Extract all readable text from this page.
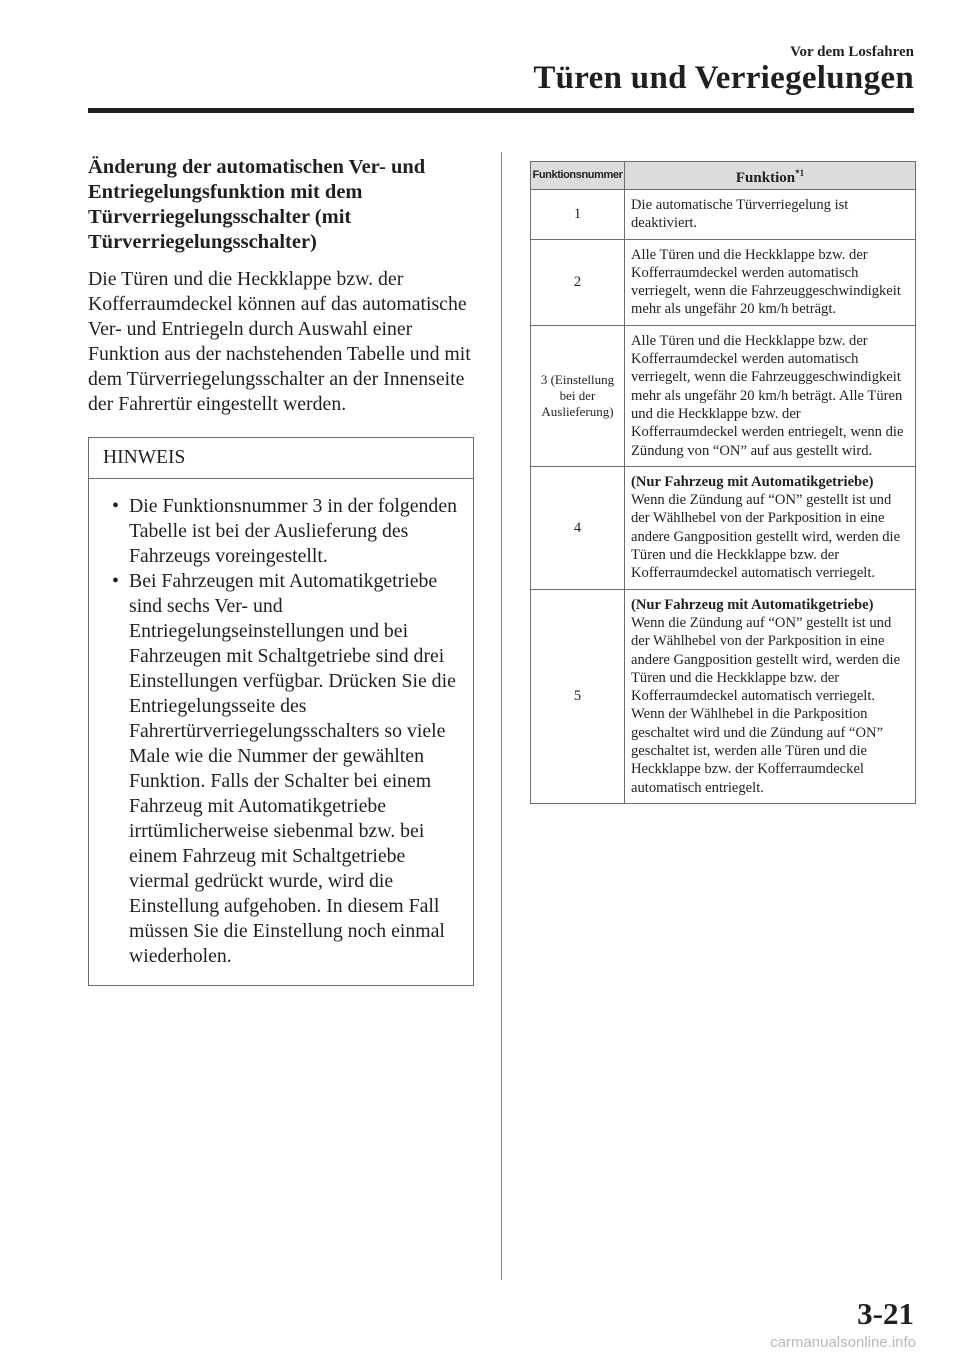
Vor dem Losfahren
Türen und Verriegelungen
Änderung der automatischen Ver- und Entriegelungsfunktion mit dem Türverriegelungsschalter (mit Türverriegelungsschalter)

Die Türen und die Heckklappe bzw. der Kofferraumdeckel können auf das automatische Ver- und Entriegeln durch Auswahl einer Funktion aus der nachstehenden Tabelle und mit dem Türverriegelungsschalter an der Innenseite der Fahrertür eingestellt werden.

HINWEIS
• Die Funktionsnummer 3 in der folgenden Tabelle ist bei der Auslieferung des Fahrzeugs voreingestellt.
• Bei Fahrzeugen mit Automatikgetriebe sind sechs Ver- und Entriegelungseinstellungen und bei Fahrzeugen mit Schaltgetriebe sind drei Einstellungen verfügbar. Drücken Sie die Entriegelungsseite des Fahrertürverriegelungsschalters so viele Male wie die Nummer der gewählten Funktion. Falls der Schalter bei einem Fahrzeug mit Automatikgetriebe irrtümlicherweise siebenmal bzw. bei einem Fahrzeug mit Schaltgetriebe viermal gedrückt wurde, wird die Einstellung aufgehoben. In diesem Fall müssen Sie die Einstellung noch einmal wiederholen.
Funktionsnummer	Funktion$^{*1}$
1	Die automatische Türverriegelung ist deaktiviert.
2	Alle Türen und die Heckklappe bzw. der Kofferraumdeckel werden automatisch verriegelt, wenn die Fahrzeuggeschwindigkeit mehr als ungefähr 20 km/h beträgt.
3 (Einstellung bei der Auslieferung)	Alle Türen und die Heckklappe bzw. der Kofferraumdeckel werden automatisch verriegelt, wenn die Fahrzeuggeschwindigkeit mehr als ungefähr 20 km/h beträgt. Alle Türen und die Heckklappe bzw. der Kofferraumdeckel werden entriegelt, wenn die Zündung von “ON” auf aus gestellt wird.
4	(Nur Fahrzeug mit Automatikgetriebe)
Wenn die Zündung auf “ON” gestellt ist und der Wählhebel von der Parkposition in eine andere Gangposition gestellt wird, werden die Türen und die Heckklappe bzw. der Kofferraumdeckel automatisch verriegelt.
5	(Nur Fahrzeug mit Automatikgetriebe)
Wenn die Zündung auf “ON” gestellt ist und der Wählhebel von der Parkposition in eine andere Gangposition gestellt wird, werden die Türen und die Heckklappe bzw. der Kofferraumdeckel automatisch verriegelt. Wenn der Wählhebel in die Parkposition geschaltet wird und die Zündung auf “ON” geschaltet ist, werden alle Türen und die Heckklappe bzw. der Kofferraumdeckel automatisch entriegelt.
3-21
carmanualsonline.info
